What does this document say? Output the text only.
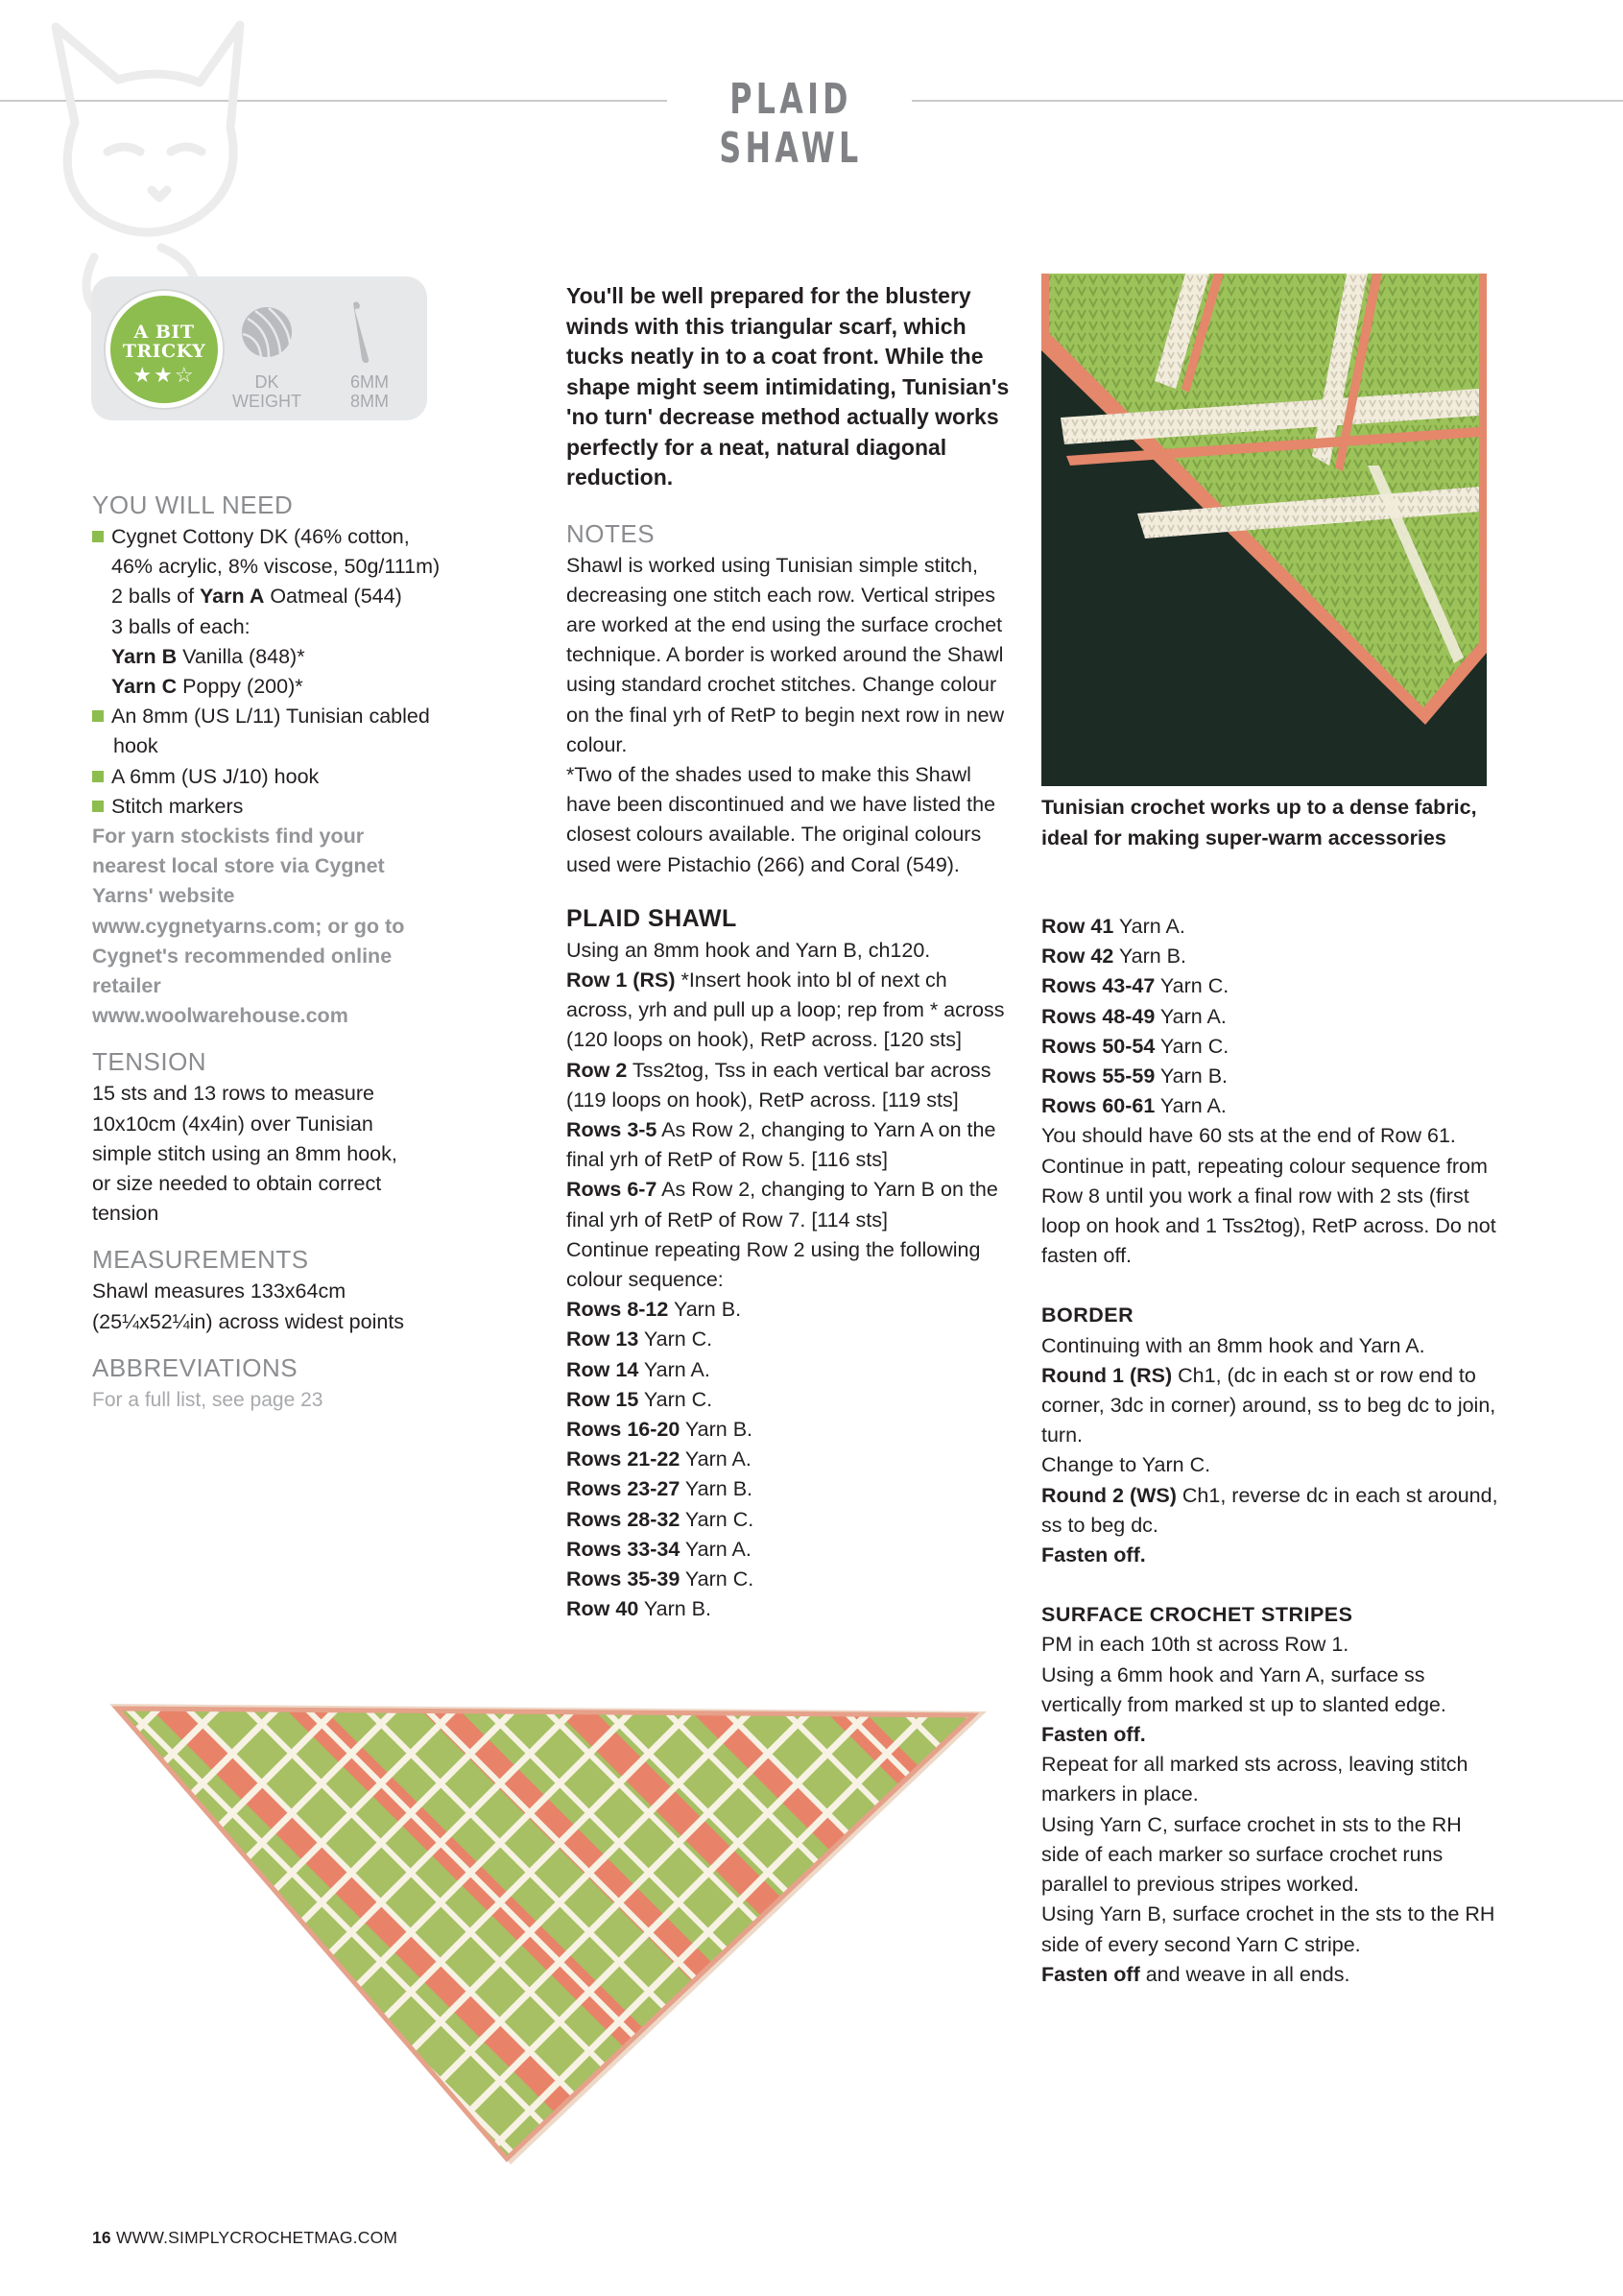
PLAID SHAWL
A BIT
TRICKY
★★☆	DK
WEIGHT
6MM
8MM

YOU WILL NEED

Cygnet Cottony DK (46% cotton,

46% acrylic, 8% viscose, 50g/111m)

2 balls of Yarn A Oatmeal (544)

3 balls of each:

Yarn B Vanilla (848)*

Yarn C Poppy (200)*

An 8mm (US L/11) Tunisian cabled hook

A 6mm (US J/10) hook

Stitch markers

For yarn stockists find your nearest local store via Cygnet Yarns' website www.cygnetyarns.com; or go to Cygnet's recommended online retailer www.woolwarehouse.com

TENSION

15 sts and 13 rows to measure 10x10cm (4x4in) over Tunisian simple stitch using an 8mm hook, or size needed to obtain correct tension

MEASUREMENTS

Shawl measures 133x64cm (25¼x52¼in) across widest points

ABBREVIATIONS

For a full list, see page 23

You'll be well prepared for the blustery winds with this triangular scarf, which tucks neatly in to a coat front. While the shape might seem intimidating, Tunisian's 'no turn' decrease method actually works perfectly for a neat, natural diagonal reduction.

NOTES

Shawl is worked using Tunisian simple stitch, decreasing one stitch each row. Vertical stripes are worked at the end using the surface crochet technique. A border is worked around the Shawl using standard crochet stitches. Change colour on the final yrh of RetP to begin next row in new colour.

*Two of the shades used to make this Shawl have been discontinued and we have listed the closest colours available. The original colours used were Pistachio (266) and Coral (549).

PLAID SHAWL

Using an 8mm hook and Yarn B, ch120.

Row 1 (RS) *Insert hook into bl of next ch across, yrh and pull up a loop; rep from * across (120 loops on hook), RetP across. [120 sts]

Row 2 Tss2tog, Tss in each vertical bar across (119 loops on hook), RetP across. [119 sts]

Rows 3-5 As Row 2, changing to Yarn A on the final yrh of RetP of Row 5. [116 sts]

Rows 6-7 As Row 2, changing to Yarn B on the final yrh of RetP of Row 7. [114 sts]

Continue repeating Row 2 using the following colour sequence:

Rows 8-12 Yarn B.

Row 13 Yarn C.

Row 14 Yarn A.

Row 15 Yarn C.

Rows 16-20 Yarn B.

Rows 21-22 Yarn A.

Rows 23-27 Yarn B.

Rows 28-32 Yarn C.

Rows 33-34 Yarn A.

Rows 35-39 Yarn C.

Row 40 Yarn B.

Tunisian crochet works up to a dense fabric, ideal for making super-warm accessories

Row 41 Yarn A.

Row 42 Yarn B.

Rows 43-47 Yarn C.

Rows 48-49 Yarn A.

Rows 50-54 Yarn C.

Rows 55-59 Yarn B.

Rows 60-61 Yarn A.

You should have 60 sts at the end of Row 61. Continue in patt, repeating colour sequence from Row 8 until you work a final row with 2 sts (first loop on hook and 1 Tss2tog), RetP across. Do not fasten off.

BORDER

Continuing with an 8mm hook and Yarn A.

Round 1 (RS) Ch1, (dc in each st or row end to corner, 3dc in corner) around, ss to beg dc to join, turn.

Change to Yarn C.

Round 2 (WS) Ch1, reverse dc in each st around, ss to beg dc.

Fasten off.

SURFACE CROCHET STRIPES

PM in each 10th st across Row 1.

Using a 6mm hook and Yarn A, surface ss vertically from marked st up to slanted edge.

Fasten off.

Repeat for all marked sts across, leaving stitch markers in place.

Using Yarn C, surface crochet in sts to the RH side of each marker so surface crochet runs parallel to previous stripes worked.

Using Yarn B, surface crochet in the sts to the RH side of every second Yarn C stripe.

Fasten off and weave in all ends.

16 WWW.SIMPLYCROCHETMAG.COM
